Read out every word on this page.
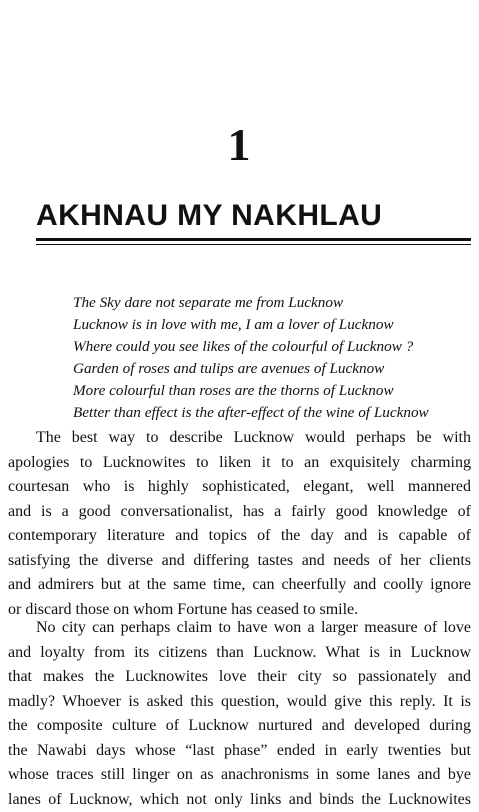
1
AKHNAU MY NAKHLAU
The Sky dare not separate me from Lucknow
Lucknow is in love with me, I am a lover of Lucknow
Where could you see likes of the colourful of Lucknow ?
Garden of roses and tulips are avenues of Lucknow
More colourful than roses are the thorns of Lucknow
Better than effect is the after-effect of the wine of Lucknow

The best way to describe Lucknow would perhaps be with
apologies to Lucknowites to liken it to an exquisitely charming
courtesan who is highly sophisticated, elegant, well mannered
and is a good conversationalist, has a fairly good knowledge of
contemporary literature and topics of the day and is capable of
satisfying the diverse and differing tastes and needs of her clients
and admirers but at the same time, can cheerfully and coolly ignore
or discard those on whom Fortune has ceased to smile.

No city can perhaps claim to have won a larger measure of love
and loyalty from its citizens than Lucknow. What is in Lucknow
that makes the Lucknowites love their city so passionately and
madly? Whoever is asked this question, would give this reply. It is
the composite culture of Lucknow nurtured and developed during
the Nawabi days whose “last phase” ended in early twenties but
whose traces still linger on as anachronisms in some lanes and bye
lanes of Lucknow, which not only links and binds the Lucknowites
